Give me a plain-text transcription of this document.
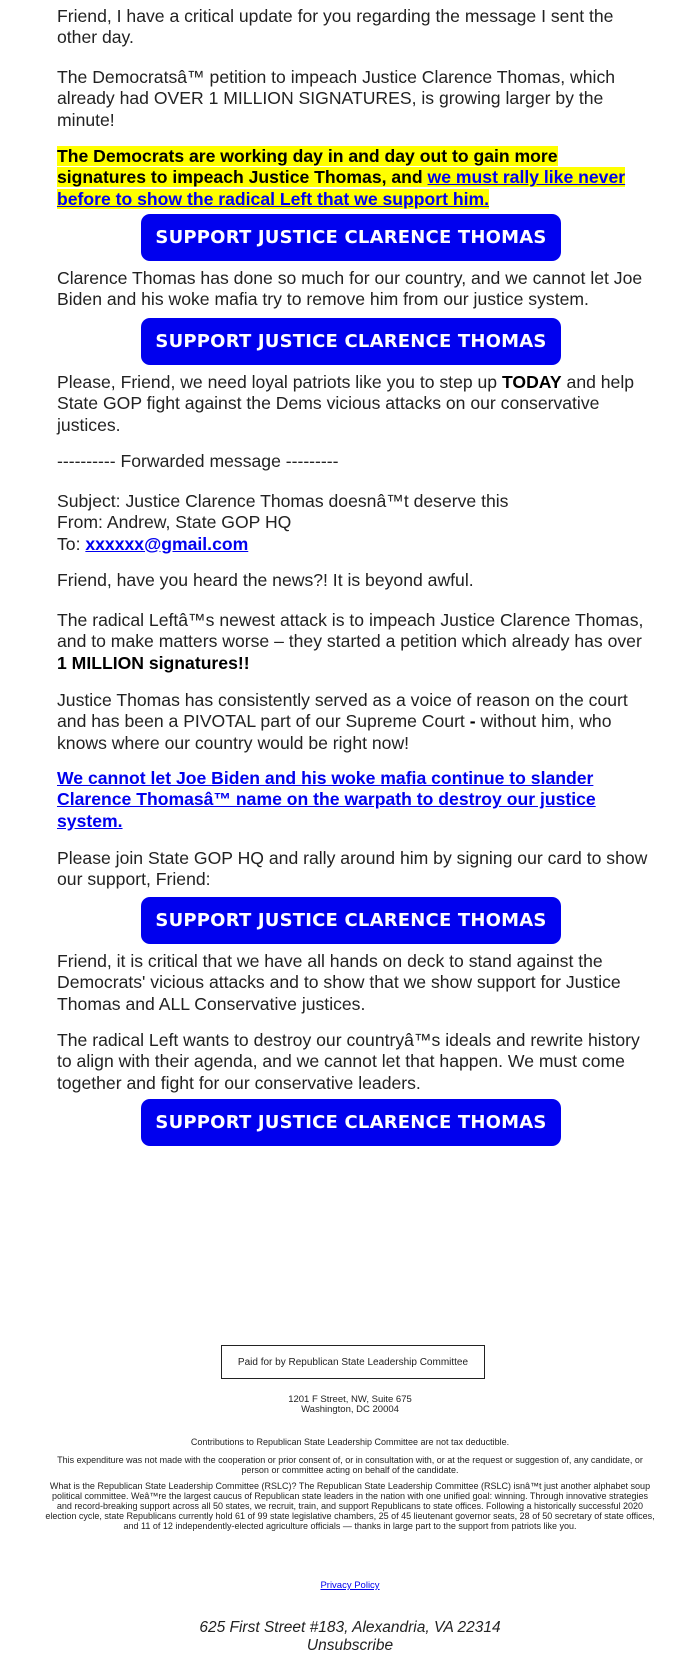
Friend, I have a critical update for you regarding the message I sent the other day.
The Democratsâ™ petition to impeach Justice Clarence Thomas, which already had OVER 1 MILLION SIGNATURES, is growing larger by the minute!
The Democrats are working day in and day out to gain more signatures to impeach Justice Thomas, and we must rally like never before to show the radical Left that we support him.
SUPPORT JUSTICE CLARENCE THOMAS
Clarence Thomas has done so much for our country, and we cannot let Joe Biden and his woke mafia try to remove him from our justice system.
SUPPORT JUSTICE CLARENCE THOMAS
Please, Friend, we need loyal patriots like you to step up TODAY and help State GOP fight against the Dems vicious attacks on our conservative justices.
---------- Forwarded message ---------
Subject: Justice Clarence Thomas doesnâ™t deserve this
From: Andrew, State GOP HQ
To: xxxxxx@gmail.com
Friend, have you heard the news?! It is beyond awful.
The radical Leftâ™s newest attack is to impeach Justice Clarence Thomas, and to make matters worse – they started a petition which already has over 1 MILLION signatures!!
Justice Thomas has consistently served as a voice of reason on the court and has been a PIVOTAL part of our Supreme Court - without him, who knows where our country would be right now!
We cannot let Joe Biden and his woke mafia continue to slander Clarence Thomasâ™ name on the warpath to destroy our justice system.
Please join State GOP HQ and rally around him by signing our card to show our support, Friend:
SUPPORT JUSTICE CLARENCE THOMAS
Friend, it is critical that we have all hands on deck to stand against the Democrats' vicious attacks and to show that we show support for Justice Thomas and ALL Conservative justices.
The radical Left wants to destroy our countryâ™s ideals and rewrite history to align with their agenda, and we cannot let that happen. We must come together and fight for our conservative leaders.
SUPPORT JUSTICE CLARENCE THOMAS
Paid for by Republican State Leadership Committee
1201 F Street, NW, Suite 675
Washington, DC 20004
Contributions to Republican State Leadership Committee are not tax deductible.
This expenditure was not made with the cooperation or prior consent of, or in consultation with, or at the request or suggestion of, any candidate, or person or committee acting on behalf of the candidate.
What is the Republican State Leadership Committee (RSLC)? The Republican State Leadership Committee (RSLC) isnâ™t just another alphabet soup political committee. Weâ™re the largest caucus of Republican state leaders in the nation with one unified goal: winning. Through innovative strategies and record-breaking support across all 50 states, we recruit, train, and support Republicans to state offices. Following a historically successful 2020 election cycle, state Republicans currently hold 61 of 99 state legislative chambers, 25 of 45 lieutenant governor seats, 28 of 50 secretary of state offices, and 11 of 12 independently-elected agriculture officials — thanks in large part to the support from patriots like you.
Privacy Policy
625 First Street #183, Alexandria, VA 22314
Unsubscribe
